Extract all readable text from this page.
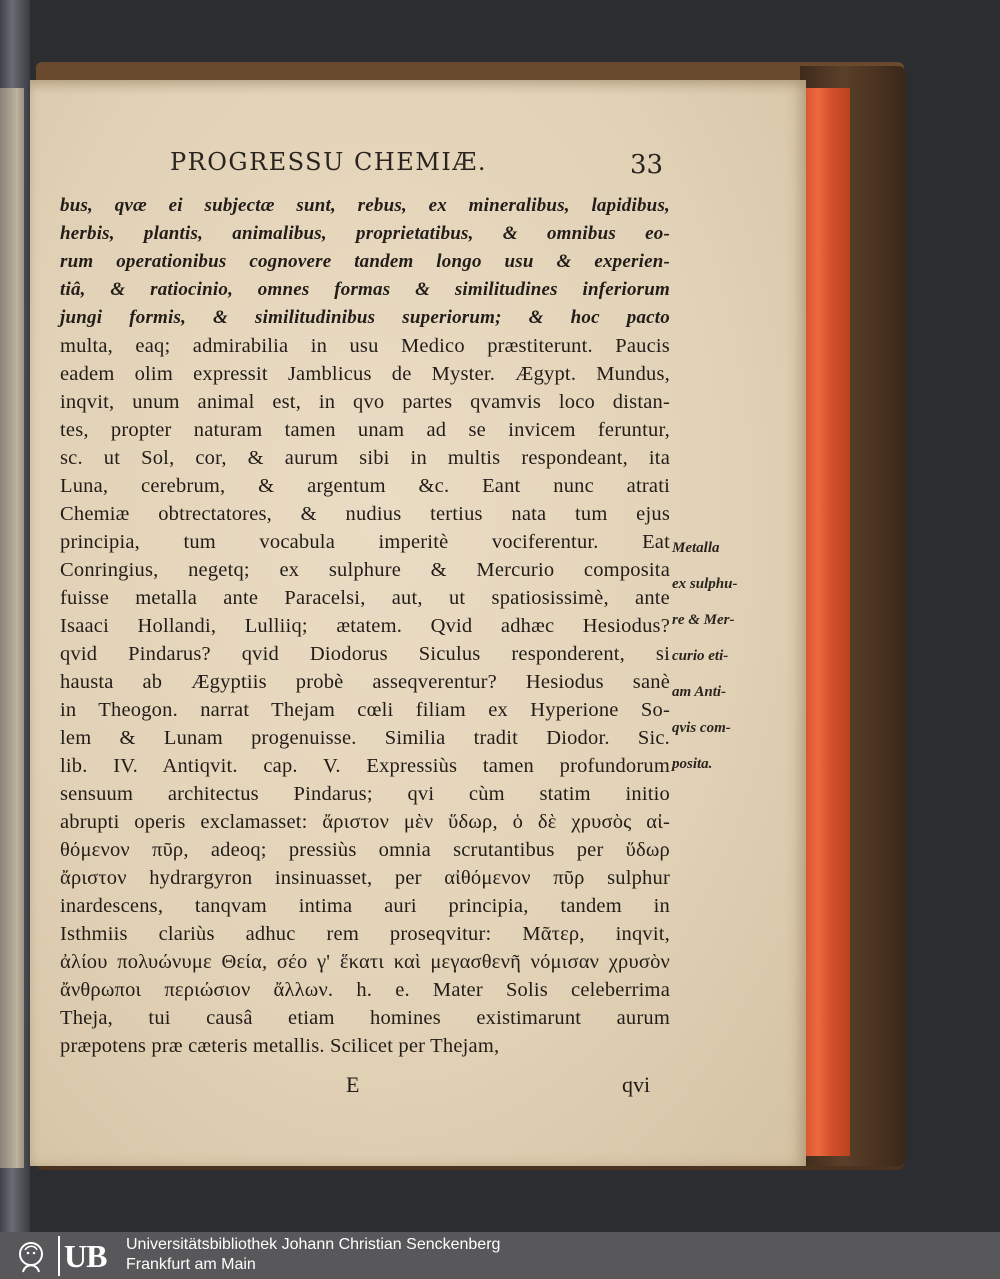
PROGRESSU CHEMIÆ.	33
bus, qvæ ei subjectæ sunt, rebus, ex mineralibus, lapidibus,
herbis, plantis, animalibus, proprietatibus, & omnibus eo-
rum operationibus cognovere tandem longo usu & experien-
tiâ, & ratiocinio, omnes formas & similitudines inferiorum
jungi formis, & similitudinibus superiorum; & hoc pacto
multa, eaq; admirabilia in usu Medico præstiterunt. Paucis
eadem olim expressit Jamblicus de Myster. Ægypt. Mundus,
inqvit, unum animal est, in qvo partes qvamvis loco distan-
tes, propter naturam tamen unam ad se invicem feruntur,
sc. ut Sol, cor, & aurum sibi in multis respondeant, ita
Luna, cerebrum, & argentum &c. Eant nunc atrati
Chemiæ obtrectatores, & nudius tertius nata tum ejus
principia, tum vocabula imperitè vociferentur. Eat
Conringius, negetq; ex sulphure & Mercurio composita
fuisse metalla ante Paracelsi, aut, ut spatiosissimè, ante
Isaaci Hollandi, Lulliiq; ætatem. Qvid adhæc Hesiodus?
qvid Pindarus? qvid Diodorus Siculus responderent, si
hausta ab Ægyptiis probè asseqverentur? Hesiodus sanè
in Theogon. narrat Thejam cœli filiam ex Hyperione So-
lem & Lunam progenuisse. Similia tradit Diodor. Sic.
lib. IV. Antiqvit. cap. V. Expressiùs tamen profundorum
sensuum architectus Pindarus; qvi cùm statim initio
abrupti operis exclamasset: ἄριστον μὲν ὕδωρ, ὁ δὲ χρυσὸς αἰ-
θόμενον πῦρ, adeoq; pressiùs omnia scrutantibus per ὕδωρ
ἄριστον hydrargyron insinuasset, per αἰθόμενον πῦρ sulphur
inardescens, tanqvam intima auri principia, tandem in
Isthmiis clariùs adhuc rem proseqvitur: Μᾶτερ, inqvit,
ἀλίου πολυώνυμε Θεία, σέο γ' ἕκατι καὶ μεγασθενῆ νόμισαν χρυσὸν
ἄνθρωποι περιώσιον ἄλλων. h. e. Mater Solis celeberrima
Theja, tui causâ etiam homines existimarunt aurum
præpotens præ cæteris metallis. Scilicet per Thejam,
Metalla
ex sulphu-
re & Mer-
curio eti-
am Anti-
qvis com-
posita.
E	qvi
UB	Universitätsbibliothek Johann Christian Senckenberg
Frankfurt am Main
